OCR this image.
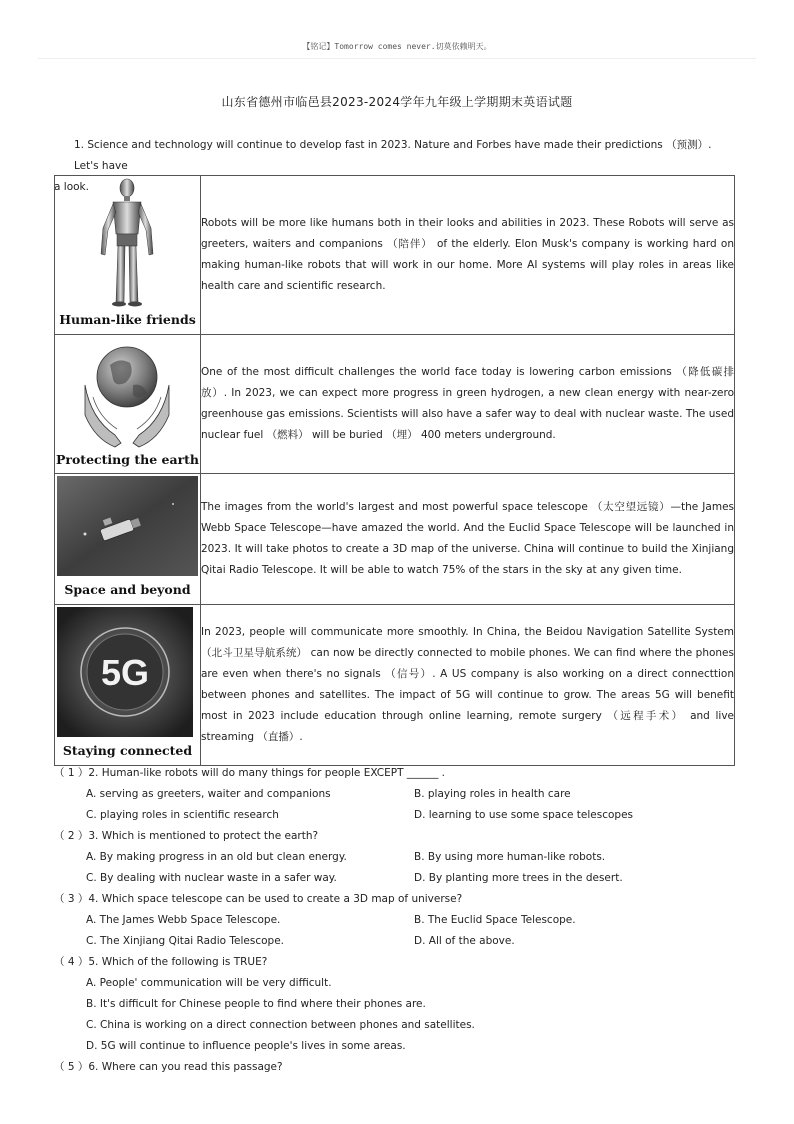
【铭记】Tomorrow comes never.切莫依赖明天。
山东省德州市临邑县2023-2024学年九年级上学期期末英语试题
1. Science and technology will continue to develop fast in 2023. Nature and Forbes have made their predictions （预测）. Let's have
a look.
Human-like friends	Robots will be more like humans both in their looks and abilities in 2023. These Robots will serve as greeters, waiters and companions （陪伴） of the elderly. Elon Musk's company is working hard on making human-like robots that will work in our home. More AI systems will play roles in areas like health care and scientific research.

Protecting the earth	One of the most difficult challenges the world face today is lowering carbon emissions （降低碳排放）. In 2023, we can expect more progress in green hydrogen, a new clean energy with near-zero greenhouse gas emissions. Scientists will also have a safer way to deal with nuclear waste. The used nuclear fuel （燃料） will be buried （埋） 400 meters underground.

Space and beyond	The images from the world's largest and most powerful space telescope （太空望远镜）—the James Webb Space Telescope—have amazed the world. And the Euclid Space Telescope will be launched in 2023. It will take photos to create a 3D map of the universe. China will continue to build the Xinjiang Qitai Radio Telescope. It will be able to watch 75% of the stars in the sky at any given time.

5G
Staying connected	In 2023, people will communicate more smoothly. In China, the Beidou Navigation Satellite System （北斗卫星导航系统） can now be directly connected to mobile phones. We can find where the phones are even when there's no signals （信号）. A US company is also working on a direct connecttion between phones and satellites. The impact of 5G will continue to grow. The areas 5G will benefit most in 2023 include education through online learning, remote surgery （远程手术） and live streaming （直播）.
（ 1 ）2. Human-like robots will do many things for people EXCEPT ______ .
A. serving as greeters, waiter and companions	B. playing roles in health care
C. playing roles in scientific research	D. learning to use some space telescopes
（ 2 ）3. Which is mentioned to protect the earth?
A. By making progress in an old but clean energy.	B. By using more human-like robots.
C. By dealing with nuclear waste in a safer way.	D. By planting more trees in the desert.
（ 3 ）4. Which space telescope can be used to create a 3D map of universe?
A. The James Webb Space Telescope.	B. The Euclid Space Telescope.
C. The Xinjiang Qitai Radio Telescope.	D. All of the above.
（ 4 ）5. Which of the following is TRUE?
A. People' communication will be very difficult.
B. It's difficult for Chinese people to find where their phones are.
C. China is working on a direct connection between phones and satellites.
D. 5G will continue to influence people's lives in some areas.
（ 5 ）6. Where can you read this passage?
